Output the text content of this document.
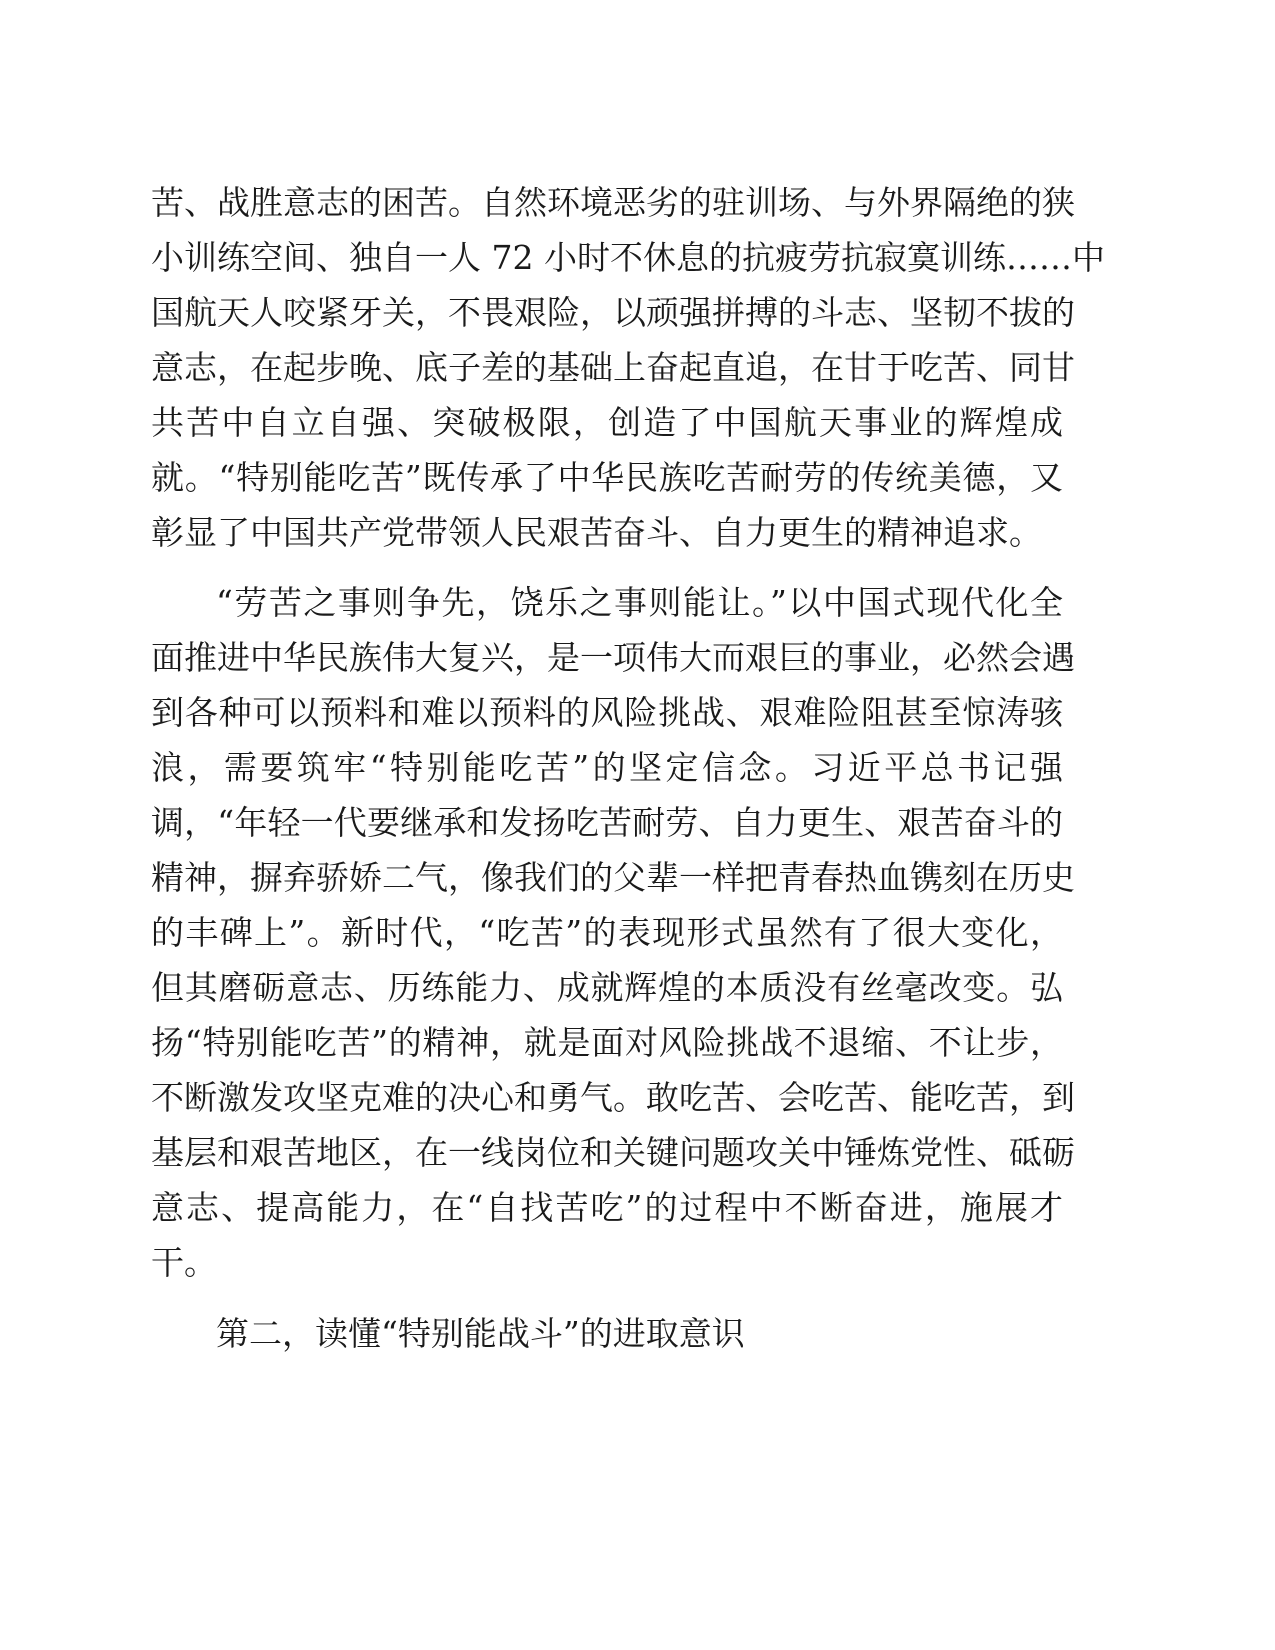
苦、战胜意志的困苦。自然环境恶劣的驻训场、与外界隔绝的狭
小训练空间、独自一人 72 小时不休息的抗疲劳抗寂寞训练……中
国航天人咬紧牙关，不畏艰险，以顽强拼搏的斗志、坚韧不拔的
意志，在起步晚、底子差的基础上奋起直追，在甘于吃苦、同甘
共苦中自立自强、突破极限，创造了中国航天事业的辉煌成
就。“特别能吃苦”既传承了中华民族吃苦耐劳的传统美德，又
彰显了中国共产党带领人民艰苦奋斗、自力更生的精神追求。
“劳苦之事则争先，饶乐之事则能让。”以中国式现代化全
面推进中华民族伟大复兴，是一项伟大而艰巨的事业，必然会遇
到各种可以预料和难以预料的风险挑战、艰难险阻甚至惊涛骇
浪，需要筑牢“特别能吃苦”的坚定信念。习近平总书记强
调，“年轻一代要继承和发扬吃苦耐劳、自力更生、艰苦奋斗的
精神，摒弃骄娇二气，像我们的父辈一样把青春热血镌刻在历史
的丰碑上”。新时代，“吃苦”的表现形式虽然有了很大变化，
但其磨砺意志、历练能力、成就辉煌的本质没有丝毫改变。弘
扬“特别能吃苦”的精神，就是面对风险挑战不退缩、不让步，
不断激发攻坚克难的决心和勇气。敢吃苦、会吃苦、能吃苦，到
基层和艰苦地区，在一线岗位和关键问题攻关中锤炼党性、砥砺
意志、提高能力，在“自找苦吃”的过程中不断奋进，施展才
干。
第二，读懂“特别能战斗”的进取意识
